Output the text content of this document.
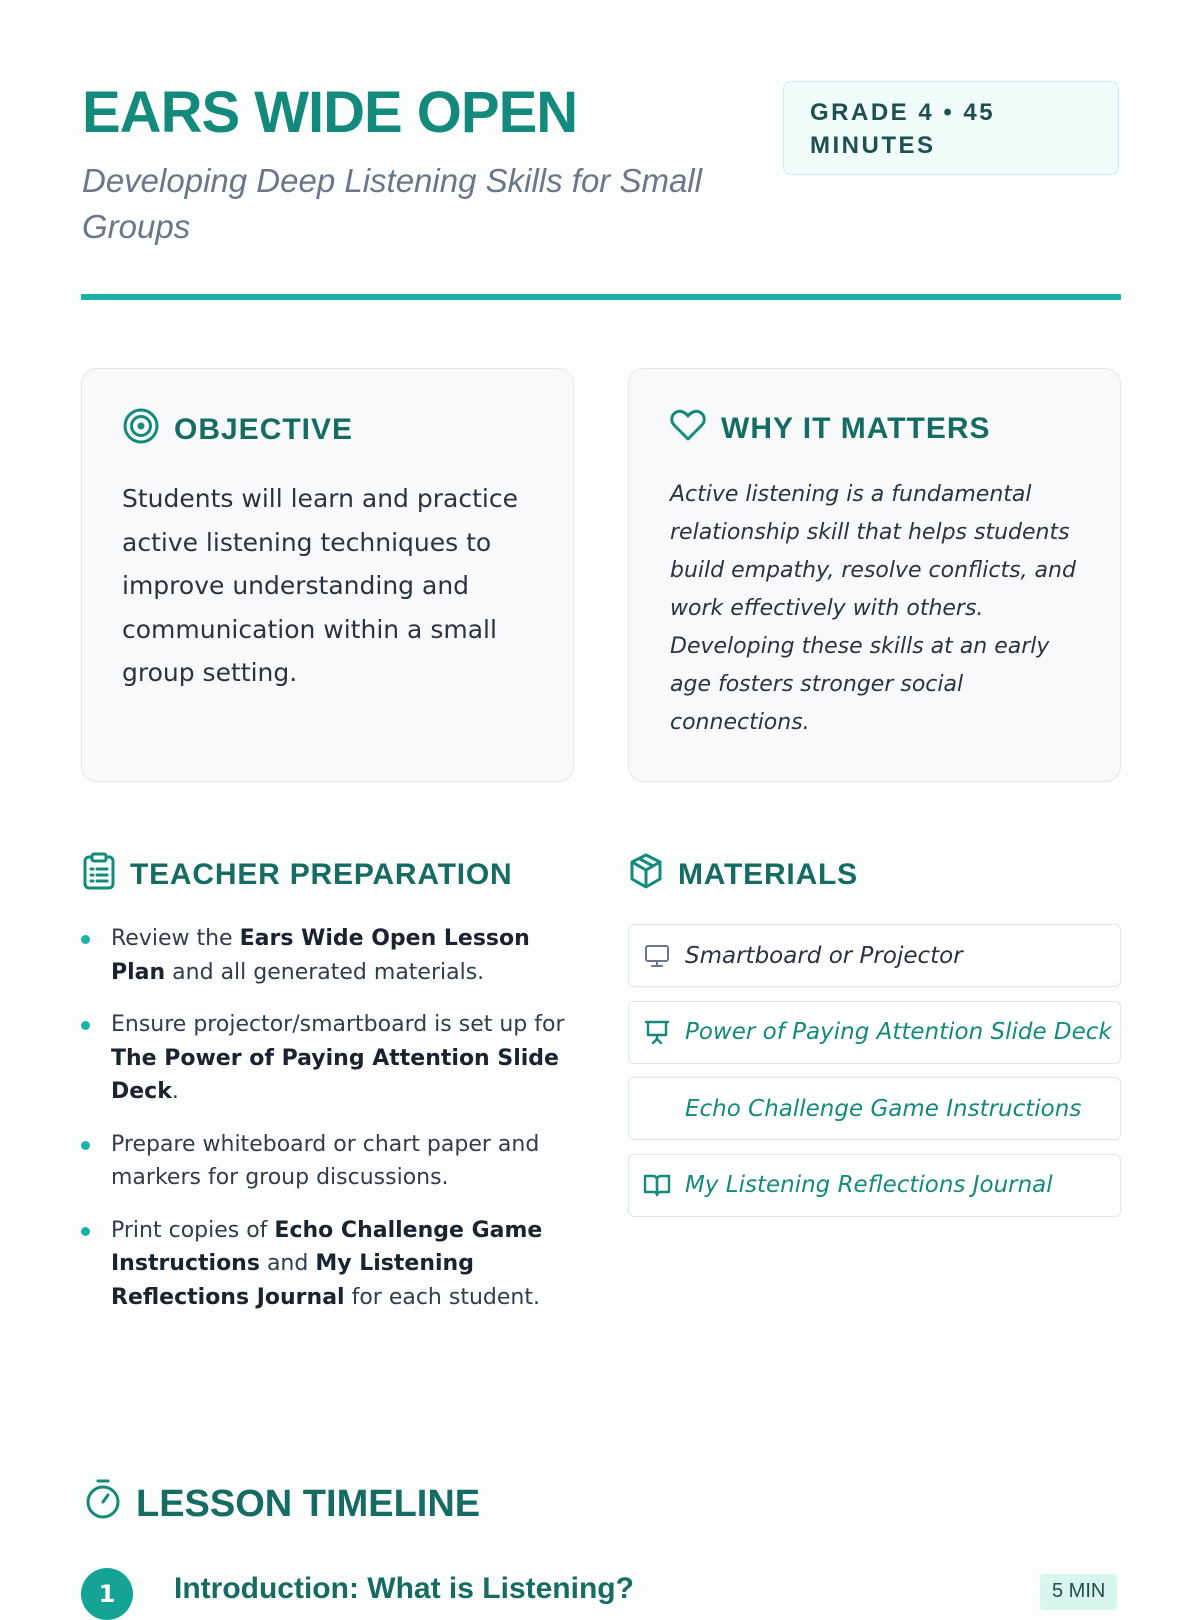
EARS WIDE OPEN
Developing Deep Listening Skills for Small Groups
GRADE 4 • 45 MINUTES
OBJECTIVE
Students will learn and practice active listening techniques to improve understanding and communication within a small group setting.
WHY IT MATTERS
Active listening is a fundamental relationship skill that helps students build empathy, resolve conflicts, and work effectively with others. Developing these skills at an early age fosters stronger social connections.
TEACHER PREPARATION
Review the Ears Wide Open Lesson Plan and all generated materials.
Ensure projector/smartboard is set up for The Power of Paying Attention Slide Deck.
Prepare whiteboard or chart paper and markers for group discussions.
Print copies of Echo Challenge Game Instructions and My Listening Reflections Journal for each student.
MATERIALS
Smartboard or Projector
Power of Paying Attention Slide Deck
Echo Challenge Game Instructions
My Listening Reflections Journal
LESSON TIMELINE
1	Introduction: What is Listening?	5 MIN
